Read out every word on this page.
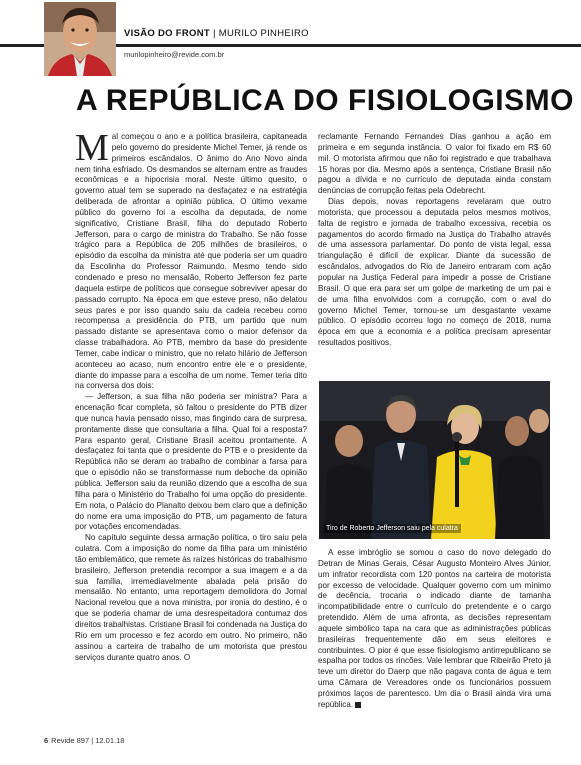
VISÃO DO FRONT | MURILO PINHEIRO
murilopinheiro@revide.com.br
A REPÚBLICA DO FISIOLOGISMO

Mal começou o ano e a política brasileira, capitaneada pelo governo do presidente Michel Temer, já rende os primeiros escândalos. O ânimo do Ano Novo ainda nem tinha esfriado. Os desmandos se alternam entre as fraudes econômicas e a hipocrisia moral. Neste último quesito, o governo atual tem se superado na desfaçatez e na estratégia deliberada de afrontar a opinião pública. O último vexame público do governo foi a escolha da deputada, de nome significativo, Cristiane Brasil, filha do deputado Roberto Jefferson, para o cargo de ministra do Trabalho. Se não fosse trágico para a República de 205 milhões de brasileiros, o episódio da escolha da ministra até que poderia ser um quadro da Escolinha do Professor Raimundo. Mesmo tendo sido condenado e preso no mensalão, Roberto Jefferson fez parte daquela estirpe de políticos que consegue sobreviver apesar do passado corrupto. Na época em que esteve preso, não delatou seus pares e por isso quando saiu da cadeia recebeu como recompensa a presidência do PTB, um partido que num passado distante se apresentava como o maior defensor da classe trabalhadora. Ao PTB, membro da base do presidente Temer, cabe indicar o ministro, que no relato hilário de Jefferson aconteceu ao acaso, num encontro entre ele e o presidente, diante do impasse para a escolha de um nome. Temer teria dito na conversa dos dois:

— Jefferson, a sua filha não poderia ser ministra? Para a encenação ficar completa, só faltou o presidente do PTB dizer que nunca havia pensado nisso, mas fingindo cara de surpresa, prontamente disse que consultaria a filha. Qual foi a resposta? Para espanto geral, Cristiane Brasil aceitou prontamente. A desfaçatez foi tanta que o presidente do PTB e o presidente da República não se deram ao trabalho de combinar a farsa para que o episódio não se transformasse num deboche da opinião pública. Jefferson saiu da reunião dizendo que a escolha de sua filha para o Ministério do Trabalho foi uma opção do presidente. Em nota, o Palácio do Planalto deixou bem claro que a definição do nome era uma imposição do PTB, um pagamento de fatura por votações encomendadas.

No capítulo seguinte dessa armação política, o tiro saiu pela culatra. Com a imposição do nome da filha para um ministério tão emblemático, que remete às raízes históricas do trabalhismo brasileiro, Jefferson pretendia recompor a sua imagem e a da sua família, irremediavelmente abalada pela prisão do mensalão. No entanto, uma reportagem demolidora do Jornal Nacional revelou que a nova ministra, por ironia do destino, é o que se poderia chamar de uma desrespeitadora contumaz dos direitos trabalhistas. Cristiane Brasil foi condenada na Justiça do Rio em um processo e fez acordo em outro. No primeiro, não assinou a carteira de trabalho de um motorista que prestou serviços durante quatro anos. O

reclamante Fernando Fernandes Dias ganhou a ação em primeira e em segunda instância. O valor foi fixado em R$ 60 mil. O motorista afirmou que não foi registrado e que trabalhava 15 horas por dia. Mesmo após a sentença, Cristiane Brasil não pagou a dívida e no currículo de deputada ainda constam denúncias de corrupção feitas pela Odebrecht.

Dias depois, novas reportagens revelaram que outro motorista, que processou a deputada pelos mesmos motivos, falta de registro e jornada de trabalho excessiva, recebia os pagamentos do acordo firmado na Justiça do Trabalho através de uma assessora parlamentar. Do ponto de vista legal, essa triangulação é difícil de explicar. Diante da sucessão de escândalos, advogados do Rio de Janeiro entraram com ação popular na Justiça Federal para impedir a posse de Cristiane Brasil. O que era para ser um golpe de marketing de um pai e de uma filha envolvidos com a corrupção, com o aval do governo Michel Temer, tornou-se um desgastante vexame público. O episódio ocorreu logo no começo de 2018, numa época em que a economia e a política precisam apresentar resultados positivos.

Tiro de Roberto Jefferson saiu pela culatra

A esse imbróglio se somou o caso do novo delegado do Detran de Minas Gerais, César Augusto Monteiro Alves Júnior, um infrator recordista com 120 pontos na carteira de motorista por excesso de velocidade. Qualquer governo com um mínimo de decência, trocaria o indicado diante de tamanha incompatibilidade entre o currículo do pretendente e o cargo pretendido. Além de uma afronta, as decisões representam aquele simbólico tapa na cara que as administrações públicas brasileiras frequentemente dão em seus eleitores e contribuintes. O pior é que esse fisiologismo antirrepublicano se espalha por todos os rincões. Vale lembrar que Ribeirão Preto já teve um diretor do Daerp que não pagava conta de água e tem uma Câmara de Vereadores onde os funcionários possuem próximos laços de parentesco. Um dia o Brasil ainda vira uma república.

6 Revide 897 | 12.01.18
